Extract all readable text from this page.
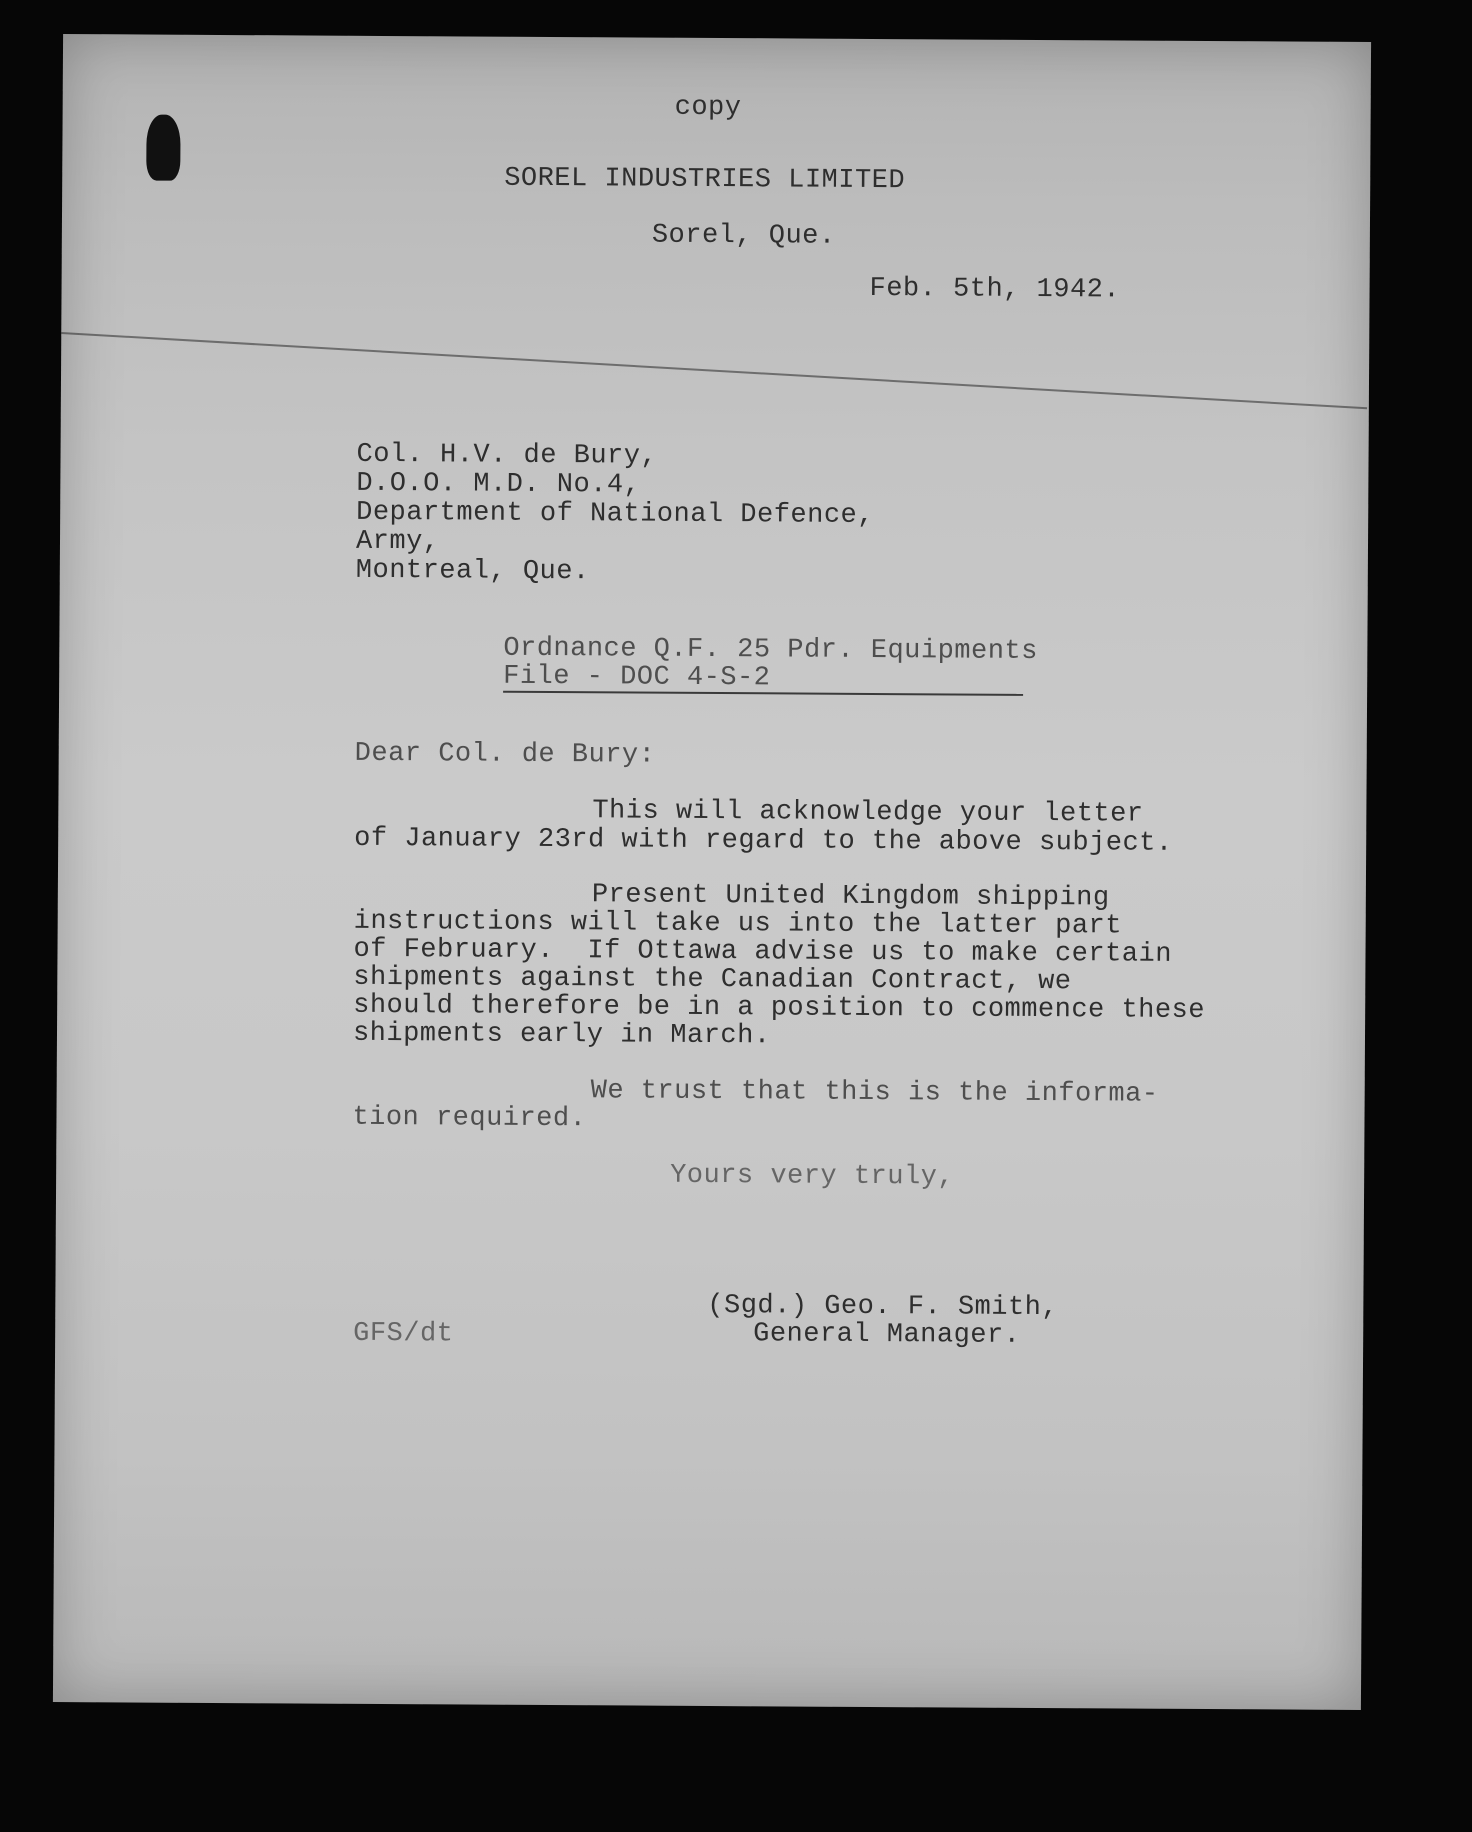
copy
SOREL INDUSTRIES LIMITED
Sorel, Que.
Feb. 5th, 1942.
Col. H.V. de Bury,
D.O.O. M.D. No.4,
Department of National Defence,
Army,
Montreal, Que.
Ordnance Q.F. 25 Pdr. Equipments
File - DOC 4-S-2
Dear Col. de Bury:
This will acknowledge your letter
of January 23rd with regard to the above subject.
Present United Kingdom shipping
instructions will take us into the latter part
of February.  If Ottawa advise us to make certain
shipments against the Canadian Contract, we
should therefore be in a position to commence these
shipments early in March.
We trust that this is the informa-
tion required.
Yours very truly,
(Sgd.) Geo. F. Smith,
General Manager.
GFS/dt
